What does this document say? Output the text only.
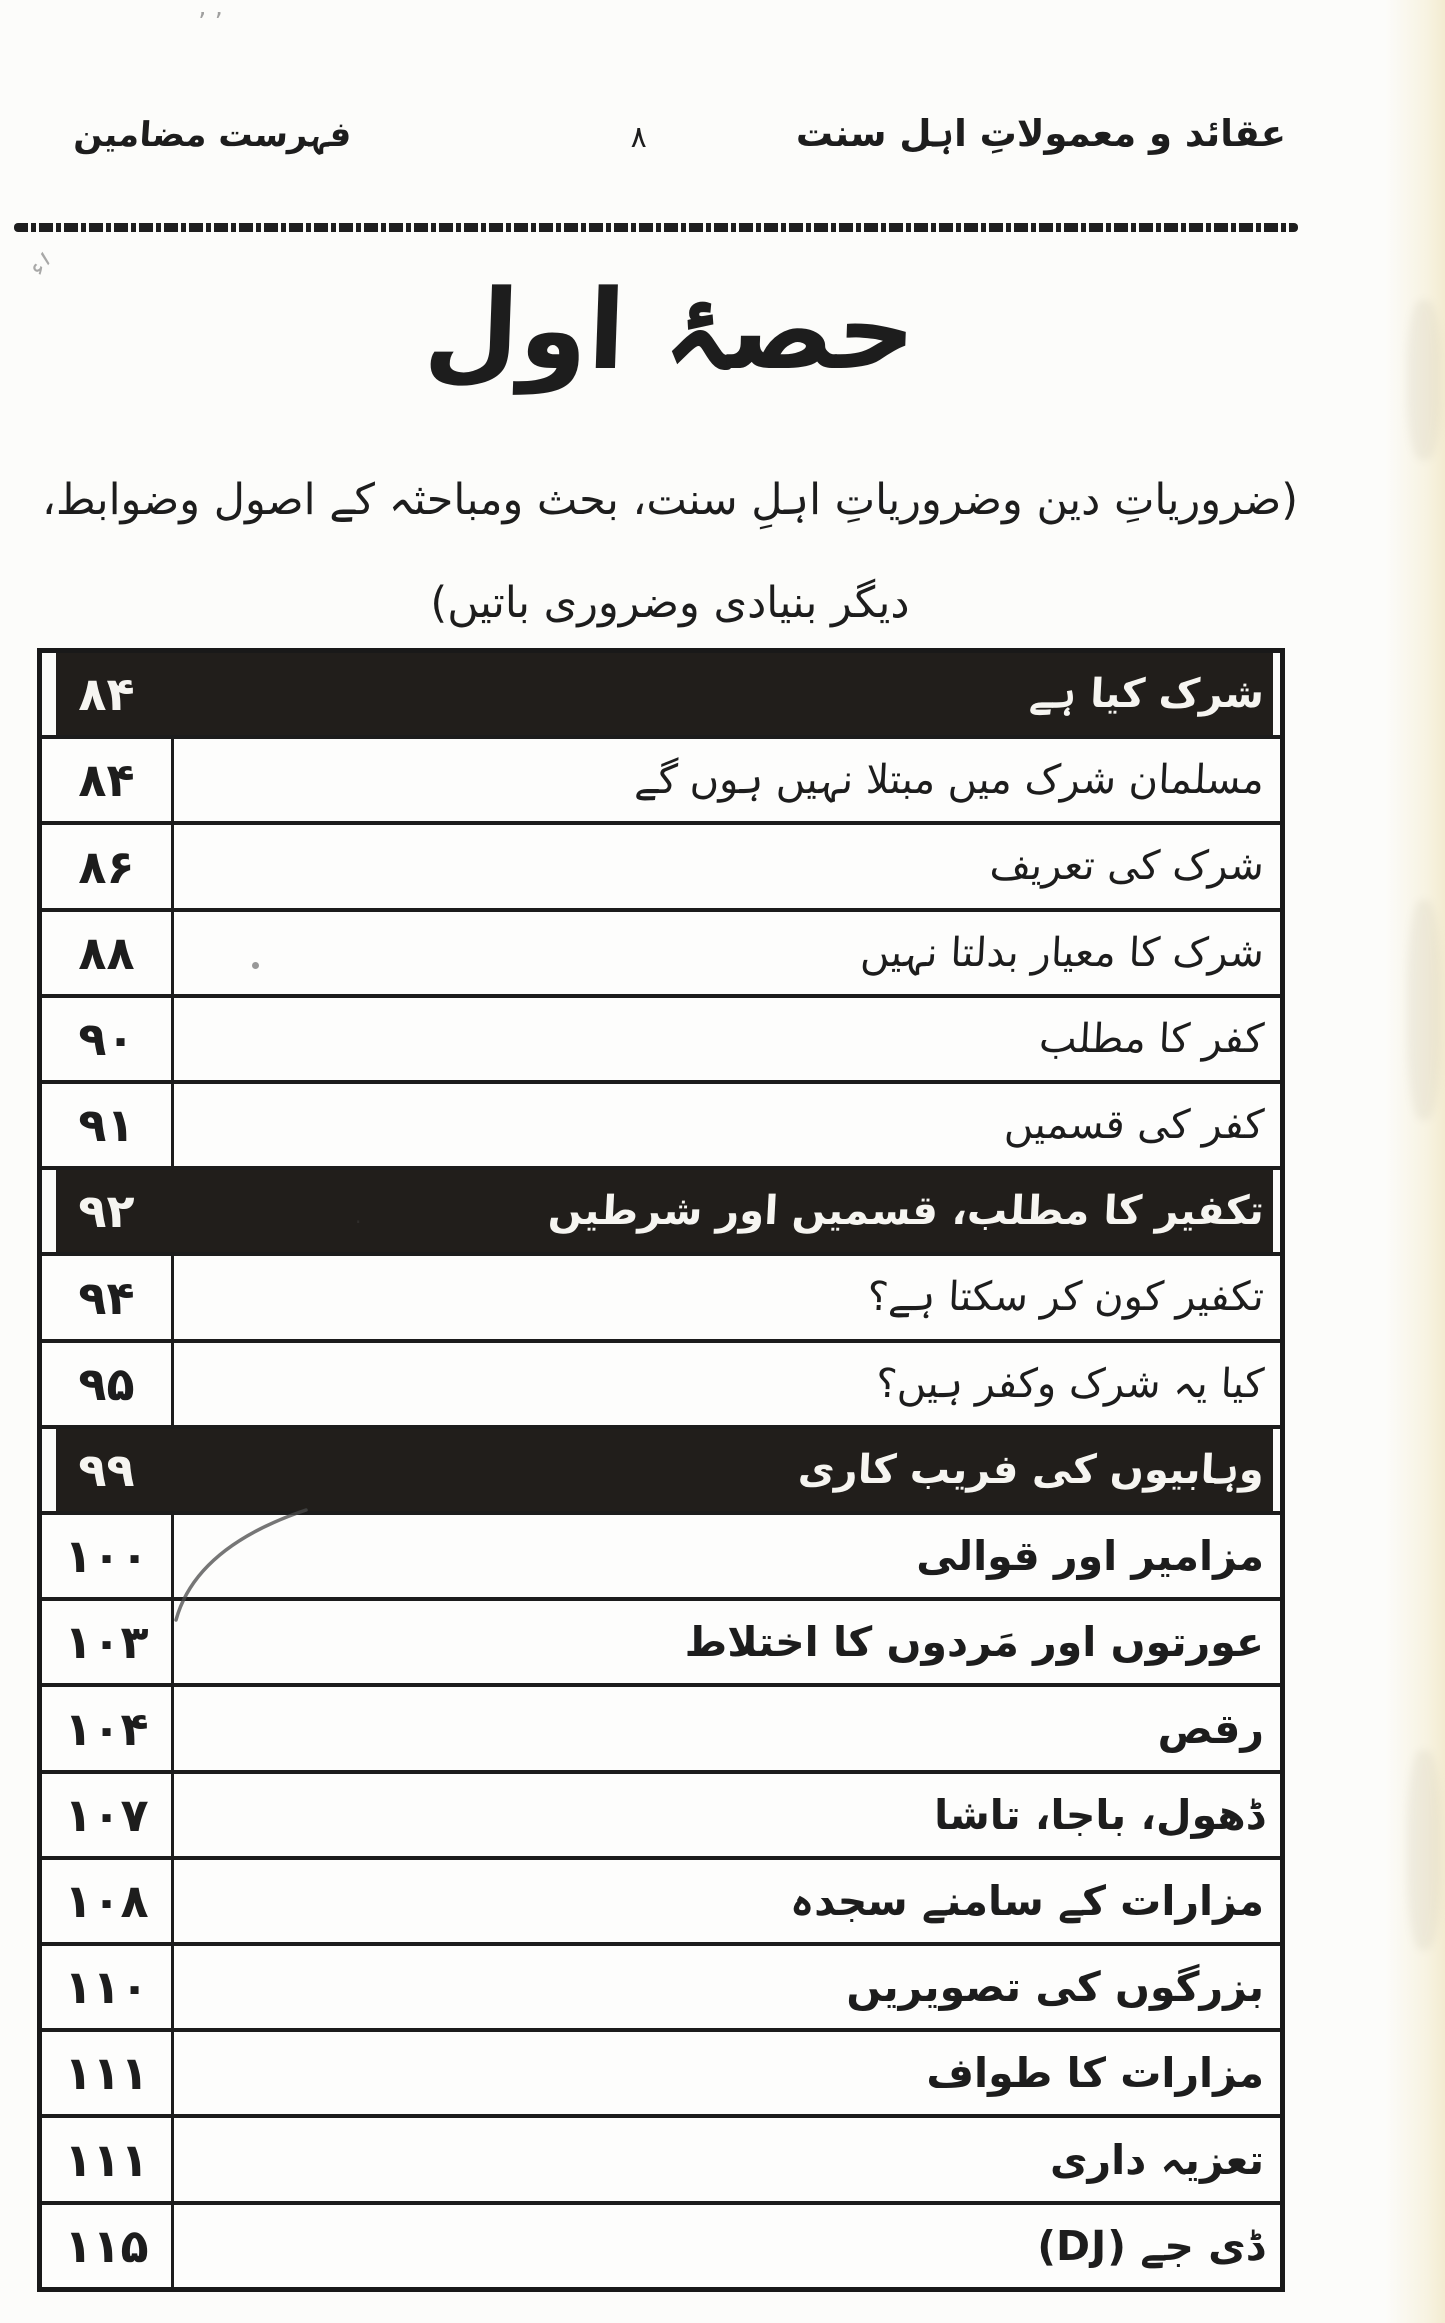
عقائد و معمولاتِ اہل سنت
۸
فہرست مضامین
حصۂ اول
(ضروریاتِ دین وضروریاتِ اہلِ سنت، بحث ومباحثہ کے اصول وضوابط،
دیگر بنیادی وضروری باتیں)
۸۴	شرک کیا ہے
۸۴	مسلمان شرک میں مبتلا نہیں ہوں گے
۸۶	شرک کی تعریف
۸۸	شرک کا معیار بدلتا نہیں
۹۰	کفر کا مطلب
۹۱	کفر کی قسمیں
۹۲	تکفیر کا مطلب، قسمیں اور شرطیں
۹۴	تکفیر کون کر سکتا ہے؟
۹۵	کیا یہ شرک وکفر ہیں؟
۹۹	وہابیوں کی فریب کاری
۱۰۰	مزامیر اور قوالی
۱۰۳	عورتوں اور مَردوں کا اختلاط
۱۰۴	رقص
۱۰۷	ڈھول، باجا، تاشا
۱۰۸	مزارات کے سامنے سجدہ
۱۱۰	بزرگوں کی تصویریں
۱۱۱	مزارات کا طواف
۱۱۱	تعزیہ داری
۱۱۵	ڈی جے (DJ)
٬ ٬
؍ء
·
